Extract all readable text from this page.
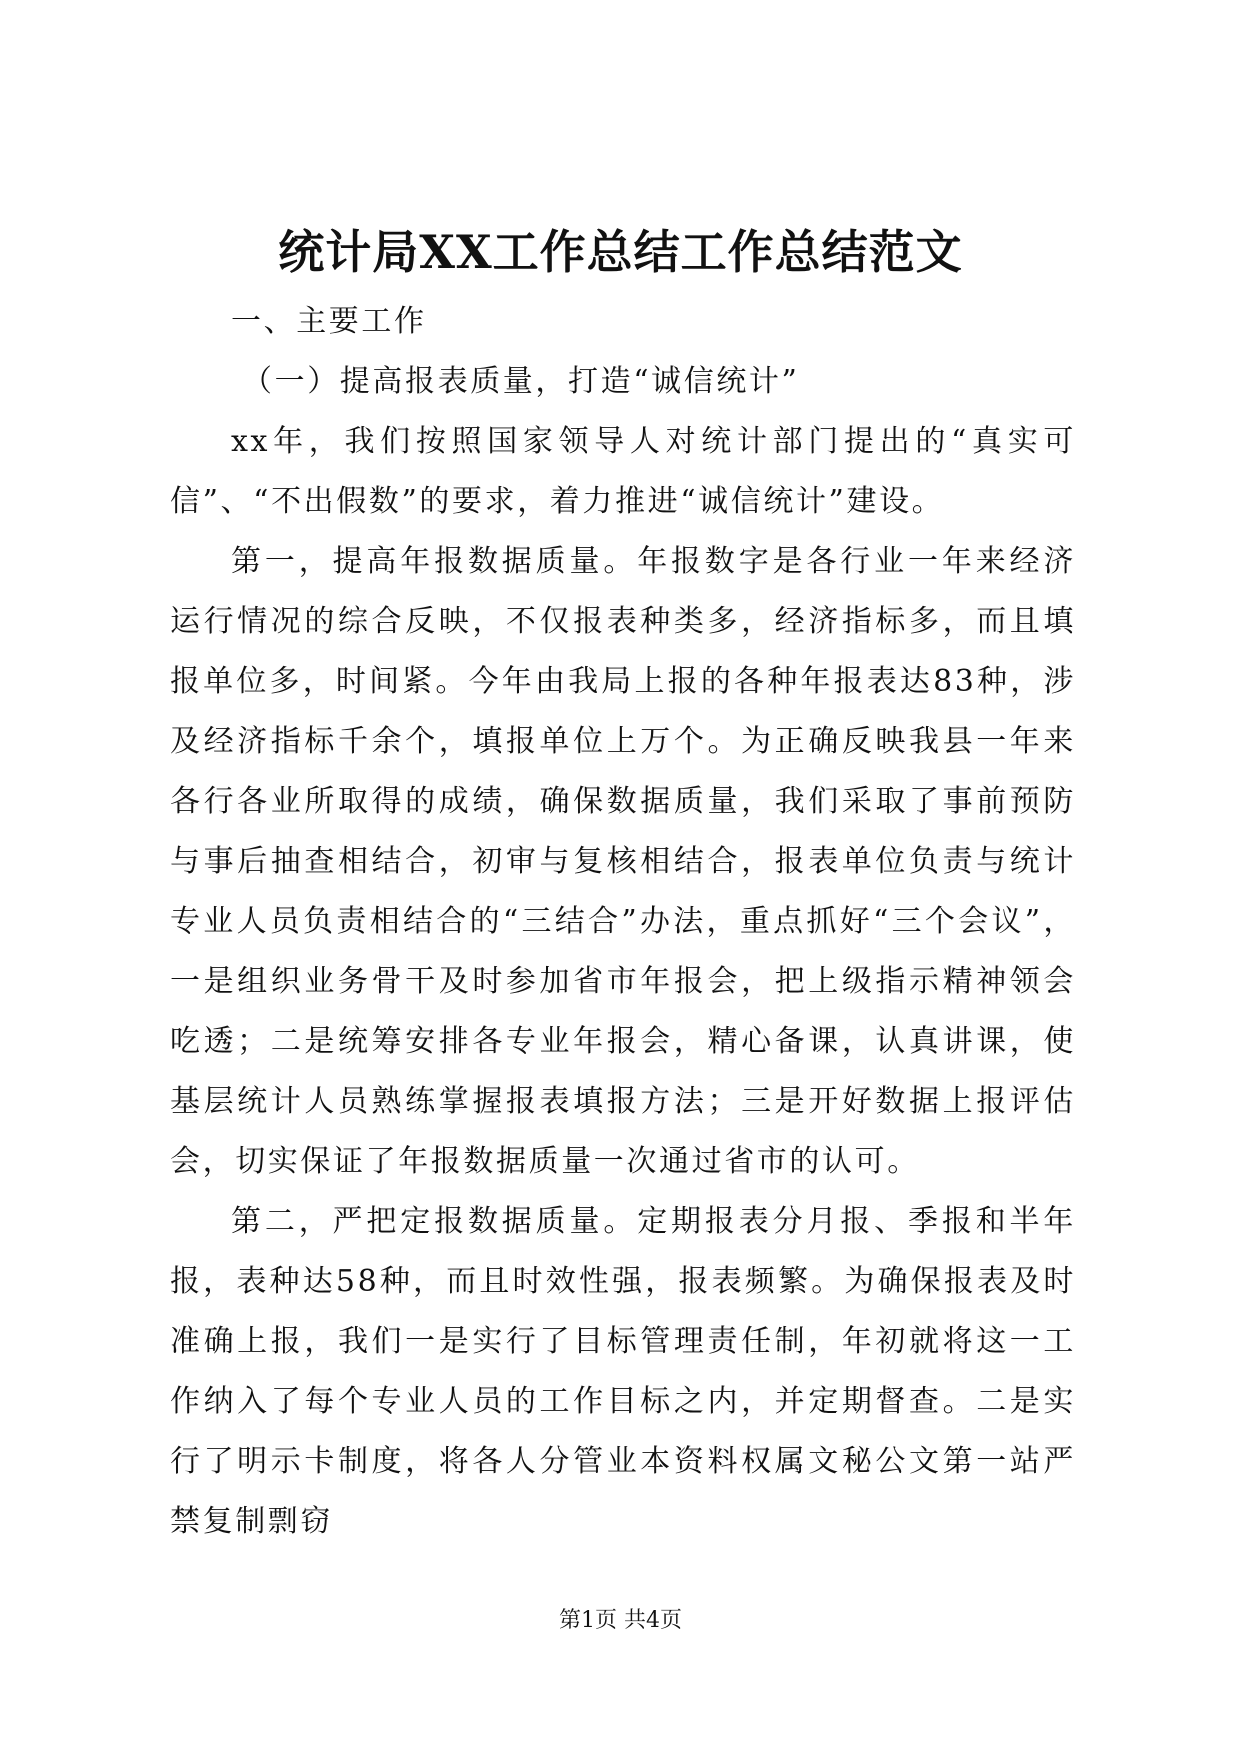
统计局XX工作总结工作总结范文

一、主要工作

（一）提高报表质量，打造“诚信统计”

xx年，我们按照国家领导人对统计部门提出的“真实可信”、“不出假数”的要求，着力推进“诚信统计”建设。

第一，提高年报数据质量。年报数字是各行业一年来经济运行情况的综合反映，不仅报表种类多，经济指标多，而且填报单位多，时间紧。今年由我局上报的各种年报表达83种，涉及经济指标千余个，填报单位上万个。为正确反映我县一年来各行各业所取得的成绩，确保数据质量，我们采取了事前预防与事后抽查相结合，初审与复核相结合，报表单位负责与统计专业人员负责相结合的“三结合”办法，重点抓好“三个会议”，一是组织业务骨干及时参加省市年报会，把上级指示精神领会吃透；二是统筹安排各专业年报会，精心备课，认真讲课，使基层统计人员熟练掌握报表填报方法；三是开好数据上报评估会，切实保证了年报数据质量一次通过省市的认可。

第二，严把定报数据质量。定期报表分月报、季报和半年报，表种达58种，而且时效性强，报表频繁。为确保报表及时准确上报，我们一是实行了目标管理责任制，年初就将这一工作纳入了每个专业人员的工作目标之内，并定期督查。二是实行了明示卡制度，将各人分管业本资料权属文秘公文第一站严禁复制剽窃

第1页 共4页
